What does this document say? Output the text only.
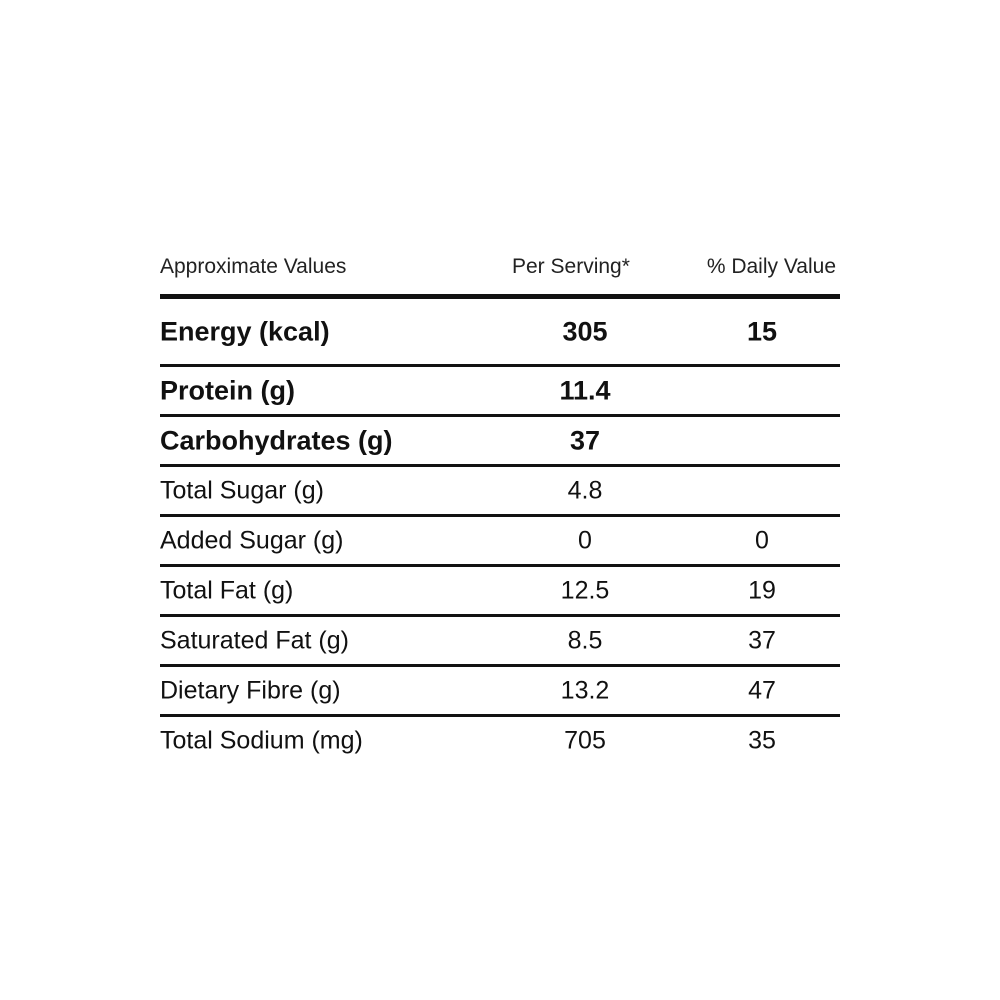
Approximate Values	Per Serving*	% Daily Value
Energy (kcal)	305	15
Protein (g)	11.4
Carbohydrates (g)	37
Total Sugar (g)	4.8
Added Sugar (g)	0	0
Total Fat (g)	12.5	19
Saturated Fat (g)	8.5	37
Dietary Fibre (g)	13.2	47
Total Sodium (mg)	705	35
